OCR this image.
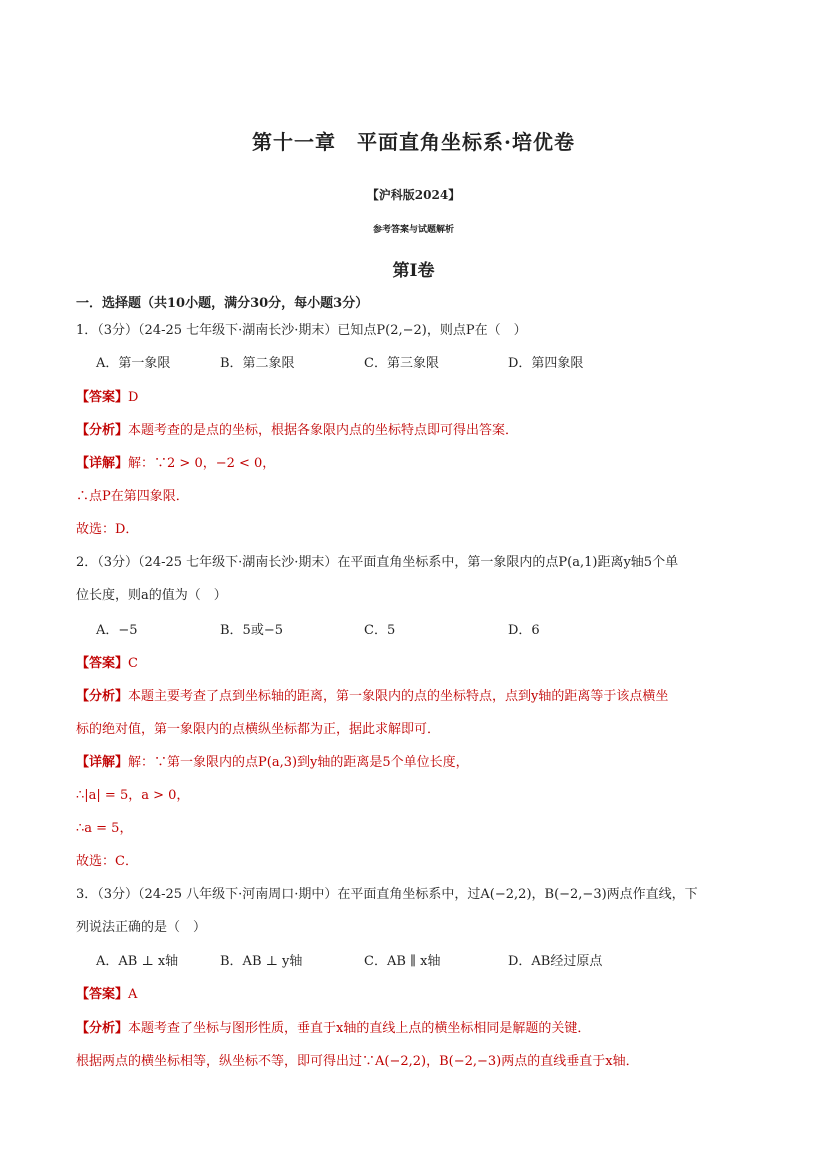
第十一章　平面直角坐标系·培优卷
【沪科版2024】
参考答案与试题解析
第Ⅰ卷
一．选择题（共10小题，满分30分，每小题3分）
1．（3分）（24-25 七年级下·湖南长沙·期末）已知点P(2,−2)，则点P在（　）
A．第一象限	B．第二象限	C．第三象限	D．第四象限
【答案】D
【分析】本题考查的是点的坐标，根据各象限内点的坐标特点即可得出答案．
【详解】解：∵2 > 0，−2 < 0，
∴点P在第四象限．
故选：D．
2．（3分）（24-25 七年级下·湖南长沙·期末）在平面直角坐标系中，第一象限内的点P(a,1)距离y轴5个单
位长度，则a的值为（　）
A．−5	B．5或−5	C．5	D．6
【答案】C
【分析】本题主要考查了点到坐标轴的距离，第一象限内的点的坐标特点，点到y轴的距离等于该点横坐
标的绝对值，第一象限内的点横纵坐标都为正，据此求解即可．
【详解】解：∵第一象限内的点P(a,3)到y轴的距离是5个单位长度，
∴|a| = 5，a > 0，
∴a = 5，
故选：C．
3．（3分）（24-25 八年级下·河南周口·期中）在平面直角坐标系中，过A(−2,2)，B(−2,−3)两点作直线，下
列说法正确的是（　）
A．AB ⊥ x轴	B．AB ⊥ y轴	C．AB ∥ x轴	D．AB经过原点
【答案】A
【分析】本题考查了坐标与图形性质，垂直于x轴的直线上点的横坐标相同是解题的关键．
根据两点的横坐标相等，纵坐标不等，即可得出过∵A(−2,2)，B(−2,−3)两点的直线垂直于x轴．
